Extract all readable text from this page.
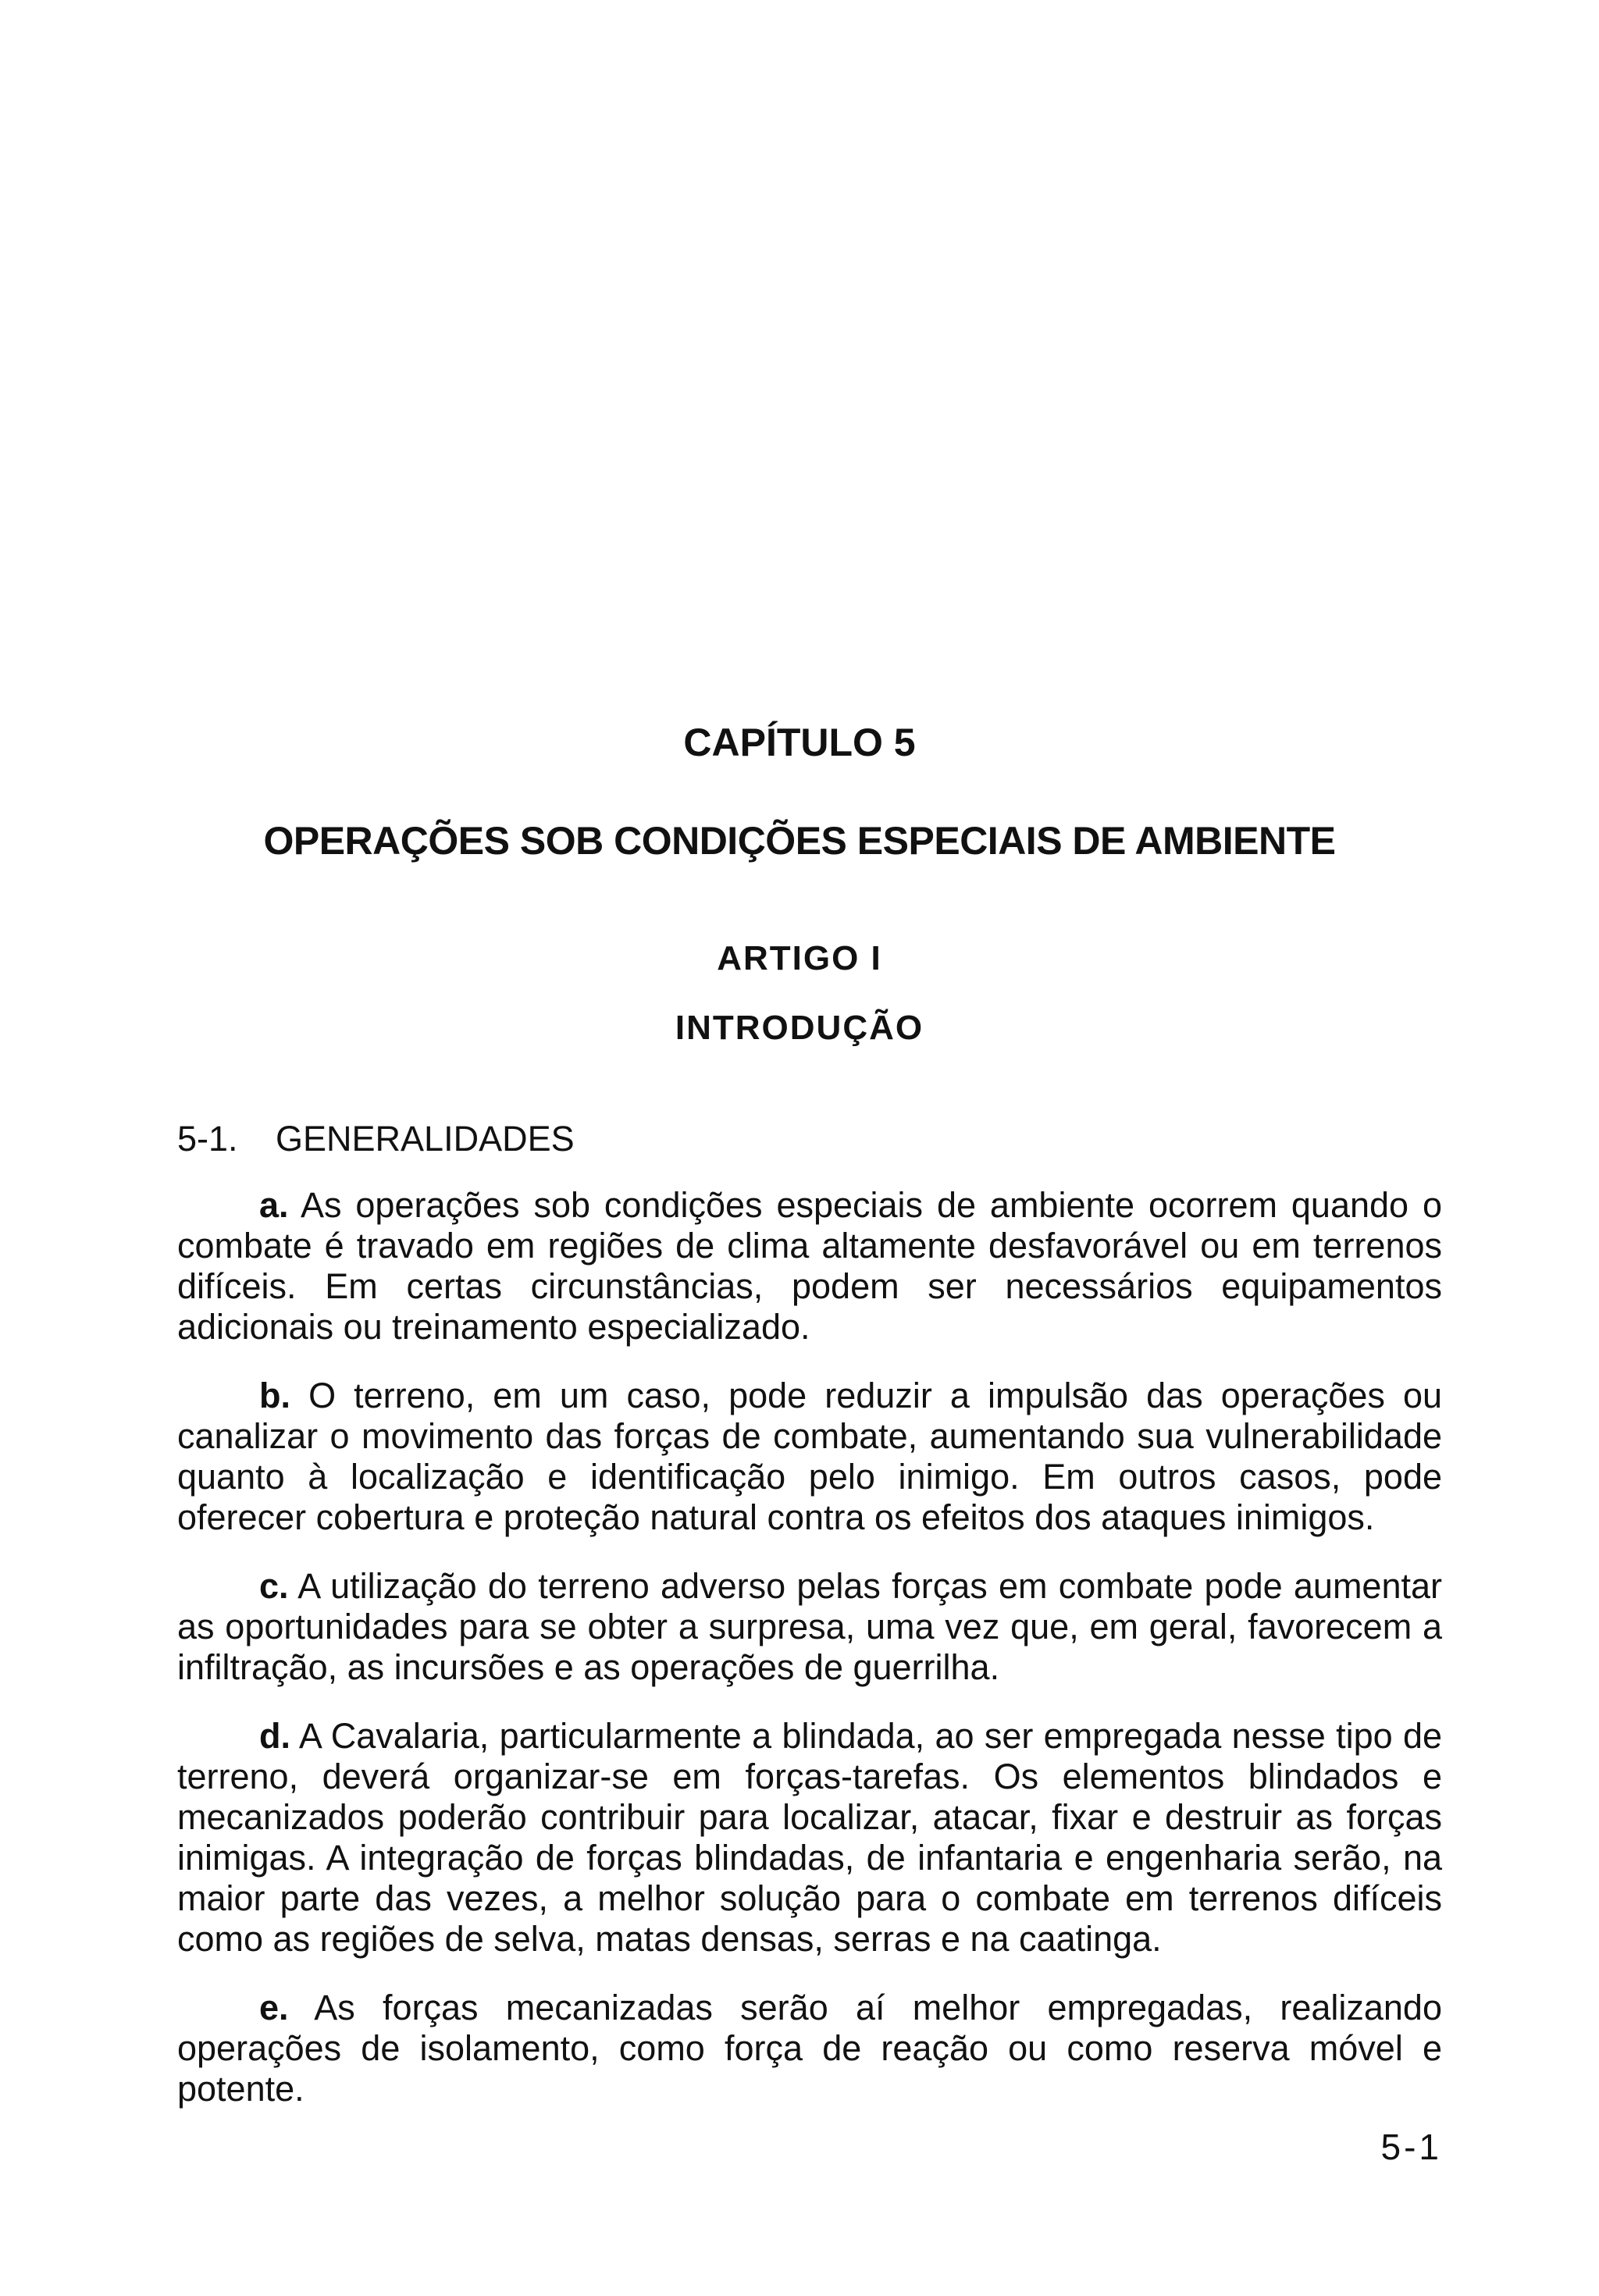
CAPÍTULO 5
OPERAÇÕES SOB CONDIÇÕES ESPECIAIS DE AMBIENTE
ARTIGO I
INTRODUÇÃO

5-1. GENERALIDADES

a. As operações sob condições especiais de ambiente ocorrem quando o combate é travado em regiões de clima altamente desfavorável ou em terrenos difíceis. Em certas circunstâncias, podem ser necessários equipamentos adicionais ou treinamento especializado.

b. O terreno, em um caso, pode reduzir a impulsão das operações ou canalizar o movimento das forças de combate, aumentando sua vulnerabilidade quanto à localização e identificação pelo inimigo. Em outros casos, pode oferecer cobertura e proteção natural contra os efeitos dos ataques inimigos.

c. A utilização do terreno adverso pelas forças em combate pode aumentar as oportunidades para se obter a surpresa, uma vez que, em geral, favorecem a infiltração, as incursões e as operações de guerrilha.

d. A Cavalaria, particularmente a blindada, ao ser empregada nesse tipo de terreno, deverá organizar-se em forças-tarefas. Os elementos blindados e mecanizados poderão contribuir para localizar, atacar, fixar e destruir as forças inimigas. A integração de forças blindadas, de infantaria e engenharia serão, na maior parte das vezes, a melhor solução para o combate em terrenos difíceis como as regiões de selva, matas densas, serras e na caatinga.

e. As forças mecanizadas serão aí melhor empregadas, realizando operações de isolamento, como força de reação ou como reserva móvel e potente.

5-1
